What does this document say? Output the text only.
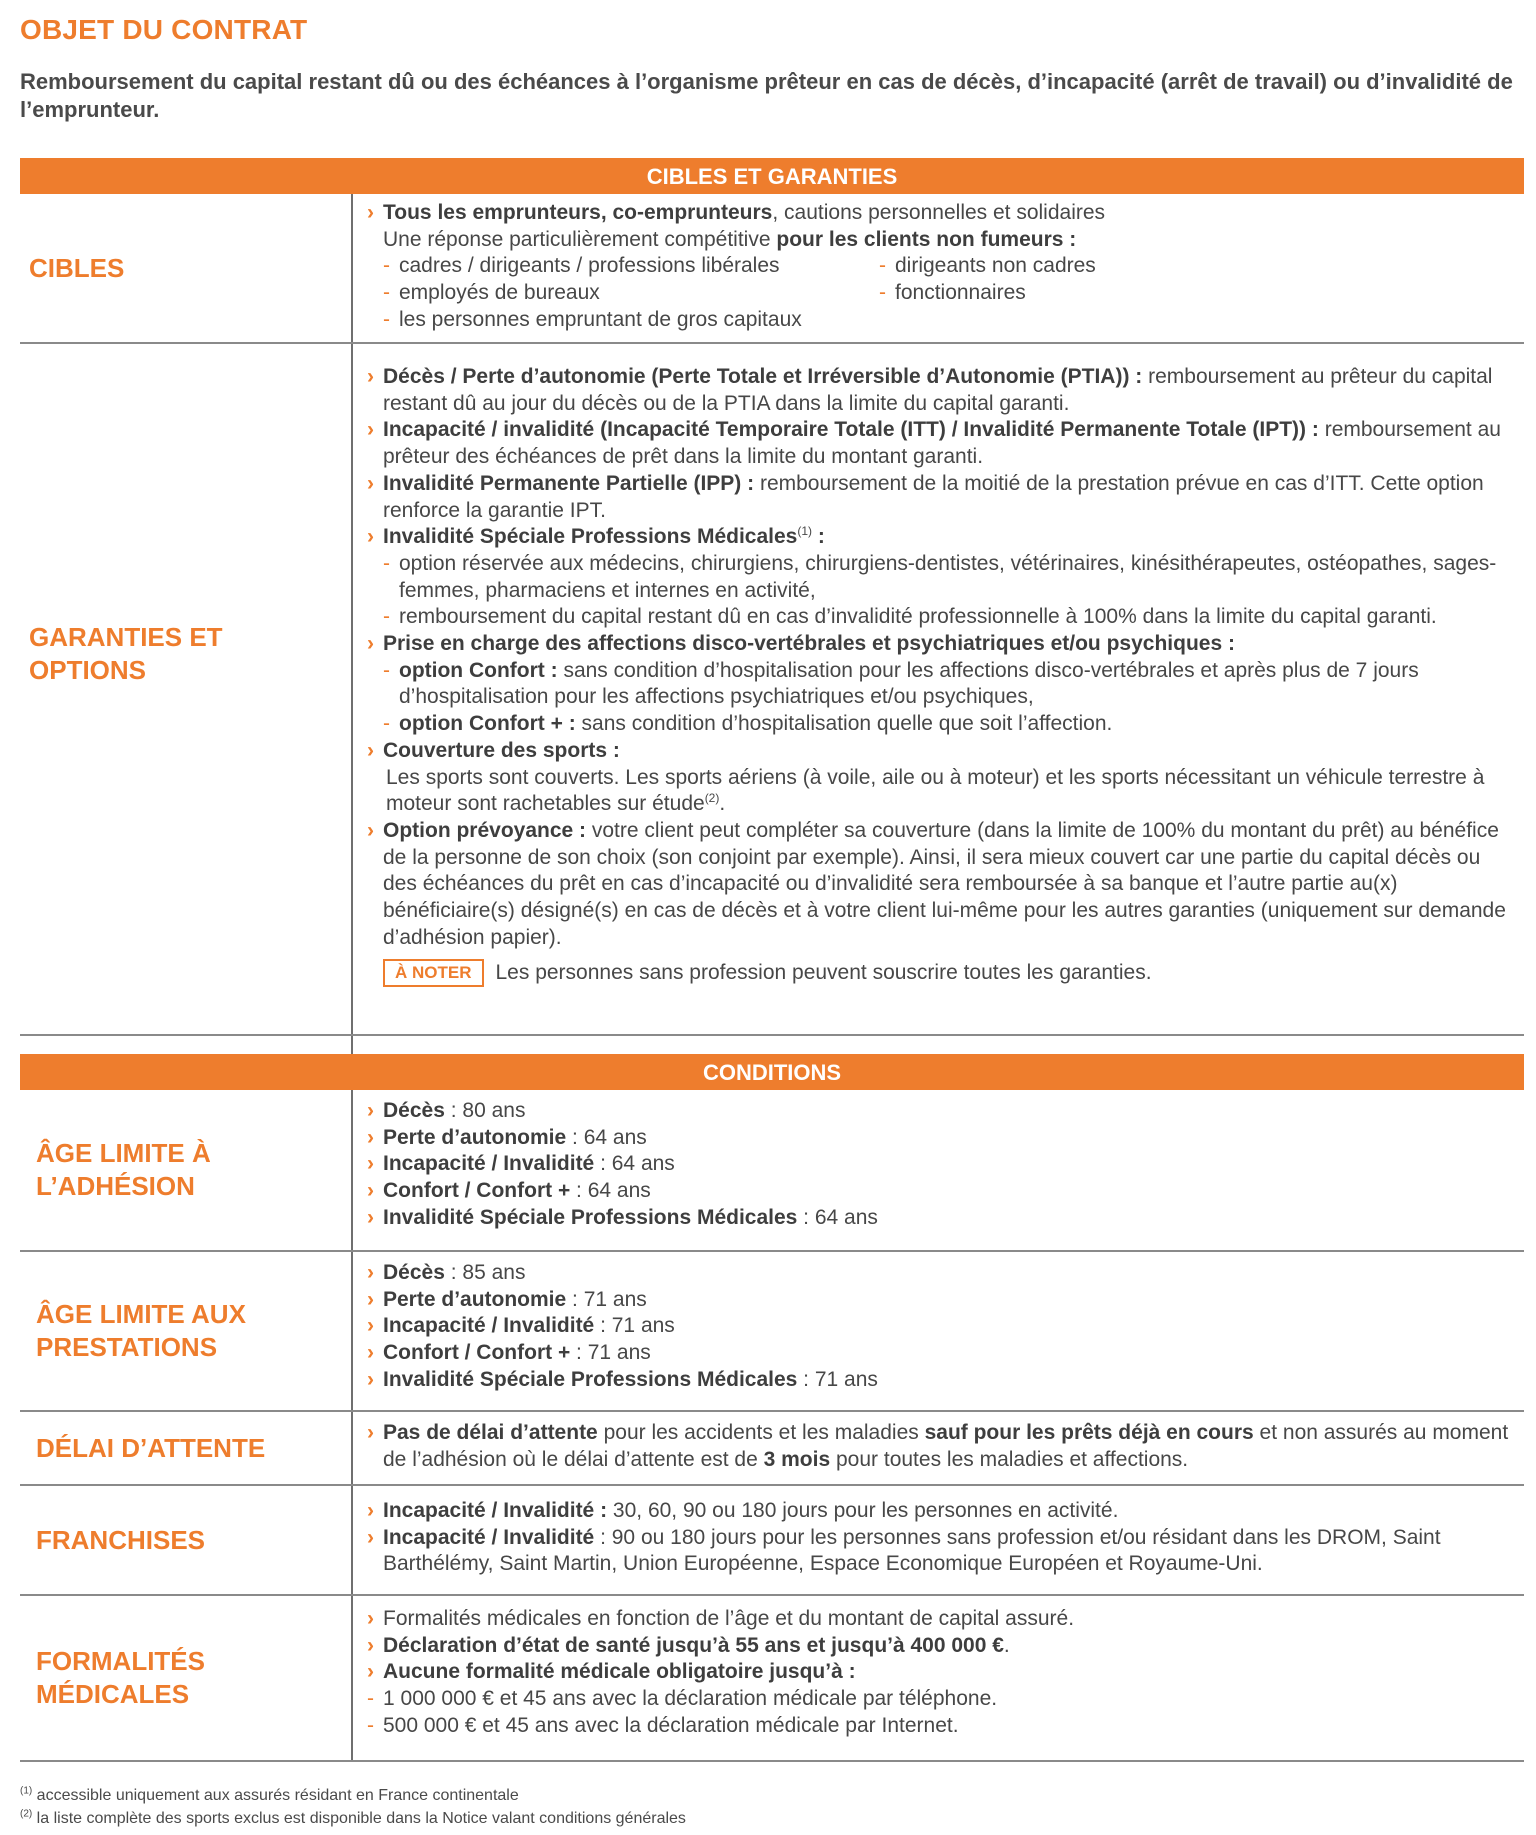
OBJET DU CONTRAT
Remboursement du capital restant dû ou des échéances à l’organisme prêteur en cas de décès, d’incapacité (arrêt de travail) ou d’invalidité de l’emprunteur.
CIBLES ET GARANTIES
CIBLES
› Tous les emprunteurs, co-emprunteurs, cautions personnelles et solidaires
Une réponse particulièrement compétitive pour les clients non fumeurs :
- cadres / dirigeants / professions libérales
- employés de bureaux
- les personnes empruntant de gros capitaux
- dirigeants non cadres
- fonctionnaires
GARANTIES ET
OPTIONS
› Décès / Perte d’autonomie (Perte Totale et Irréversible d’Autonomie (PTIA)) : remboursement au prêteur du capital restant dû au jour du décès ou de la PTIA dans la limite du capital garanti.
› Incapacité / invalidité (Incapacité Temporaire Totale (ITT) / Invalidité Permanente Totale (IPT)) : remboursement au prêteur des échéances de prêt dans la limite du montant garanti.
› Invalidité Permanente Partielle (IPP) : remboursement de la moitié de la prestation prévue en cas d’ITT. Cette option renforce la garantie IPT.
› Invalidité Spéciale Professions Médicales$^{(1)}$ :
- option réservée aux médecins, chirurgiens, chirurgiens-dentistes, vétérinaires, kinésithérapeutes, ostéopathes, sages-femmes, pharmaciens et internes en activité,
- remboursement du capital restant dû en cas d’invalidité professionnelle à 100% dans la limite du capital garanti.
› Prise en charge des affections disco-vertébrales et psychiatriques et/ou psychiques :
- option Confort : sans condition d’hospitalisation pour les affections disco-vertébrales et après plus de 7 jours d’hospitalisation pour les affections psychiatriques et/ou psychiques,
- option Confort + : sans condition d’hospitalisation quelle que soit l’affection.
› Couverture des sports :
Les sports sont couverts. Les sports aériens (à voile, aile ou à moteur) et les sports nécessitant un véhicule terrestre à moteur sont rachetables sur étude$^{(2)}$.
› Option prévoyance : votre client peut compléter sa couverture (dans la limite de 100% du montant du prêt) au bénéfice de la personne de son choix (son conjoint par exemple). Ainsi, il sera mieux couvert car une partie du capital décès ou des échéances du prêt en cas d’incapacité ou d’invalidité sera remboursée à sa banque et l’autre partie au(x) bénéficiaire(s) désigné(s) en cas de décès et à votre client lui-même pour les autres garanties (uniquement sur demande d’adhésion papier).
À NOTER	Les personnes sans profession peuvent souscrire toutes les garanties.
CONDITIONS
ÂGE LIMITE À
L’ADHÉSION
› Décès : 80 ans
› Perte d’autonomie : 64 ans
› Incapacité / Invalidité : 64 ans
› Confort / Confort + : 64 ans
› Invalidité Spéciale Professions Médicales : 64 ans
ÂGE LIMITE AUX
PRESTATIONS
› Décès : 85 ans
› Perte d’autonomie : 71 ans
› Incapacité / Invalidité : 71 ans
› Confort / Confort + : 71 ans
› Invalidité Spéciale Professions Médicales : 71 ans
DÉLAI D’ATTENTE
›	Pas de délai d’attente pour les accidents et les maladies sauf pour les prêts déjà en cours et non assurés au moment de l’adhésion où le délai d’attente est de 3 mois pour toutes les maladies et affections.
FRANCHISES
› Incapacité / Invalidité : 30, 60, 90 ou 180 jours pour les personnes en activité.
› Incapacité / Invalidité : 90 ou 180 jours pour les personnes sans profession et/ou résidant dans les DROM, Saint Barthélémy, Saint Martin, Union Européenne, Espace Economique Européen et Royaume-Uni.
FORMALITÉS
MÉDICALES
› Formalités médicales en fonction de l’âge et du montant de capital assuré.
› Déclaration d’état de santé jusqu’à 55 ans et jusqu’à 400 000 €.
› Aucune formalité médicale obligatoire jusqu’à :
- 1 000 000 € et 45 ans avec la déclaration médicale par téléphone.
- 500 000 € et 45 ans avec la déclaration médicale par Internet.
$^{(1)}$ accessible uniquement aux assurés résidant en France continentale
$^{(2)}$ la liste complète des sports exclus est disponible dans la Notice valant conditions générales
